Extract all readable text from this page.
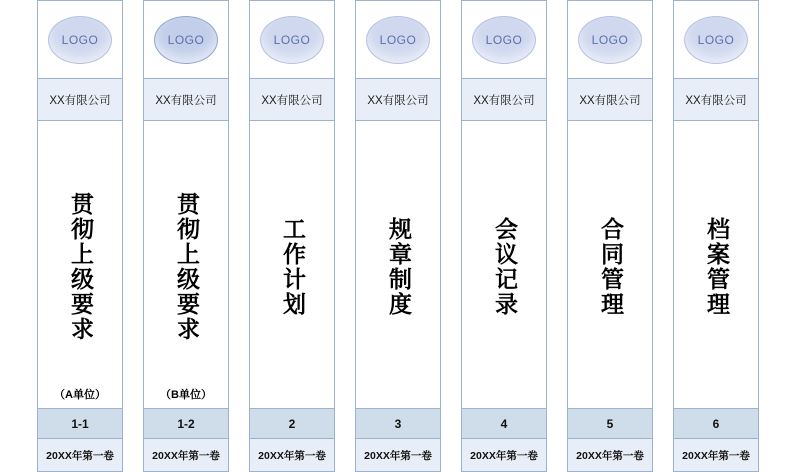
LOGO
XX有限公司
贯彻上级要求
（A单位）
1-1
20XX年第一卷
LOGO
XX有限公司
贯彻上级要求
（B单位）
1-2
20XX年第一卷
LOGO
XX有限公司
工作计划
2
20XX年第一卷
LOGO
XX有限公司
规章制度
3
20XX年第一卷
LOGO
XX有限公司
会议记录
4
20XX年第一卷
LOGO
XX有限公司
合同管理
5
20XX年第一卷
LOGO
XX有限公司
档案管理
6
20XX年第一卷
